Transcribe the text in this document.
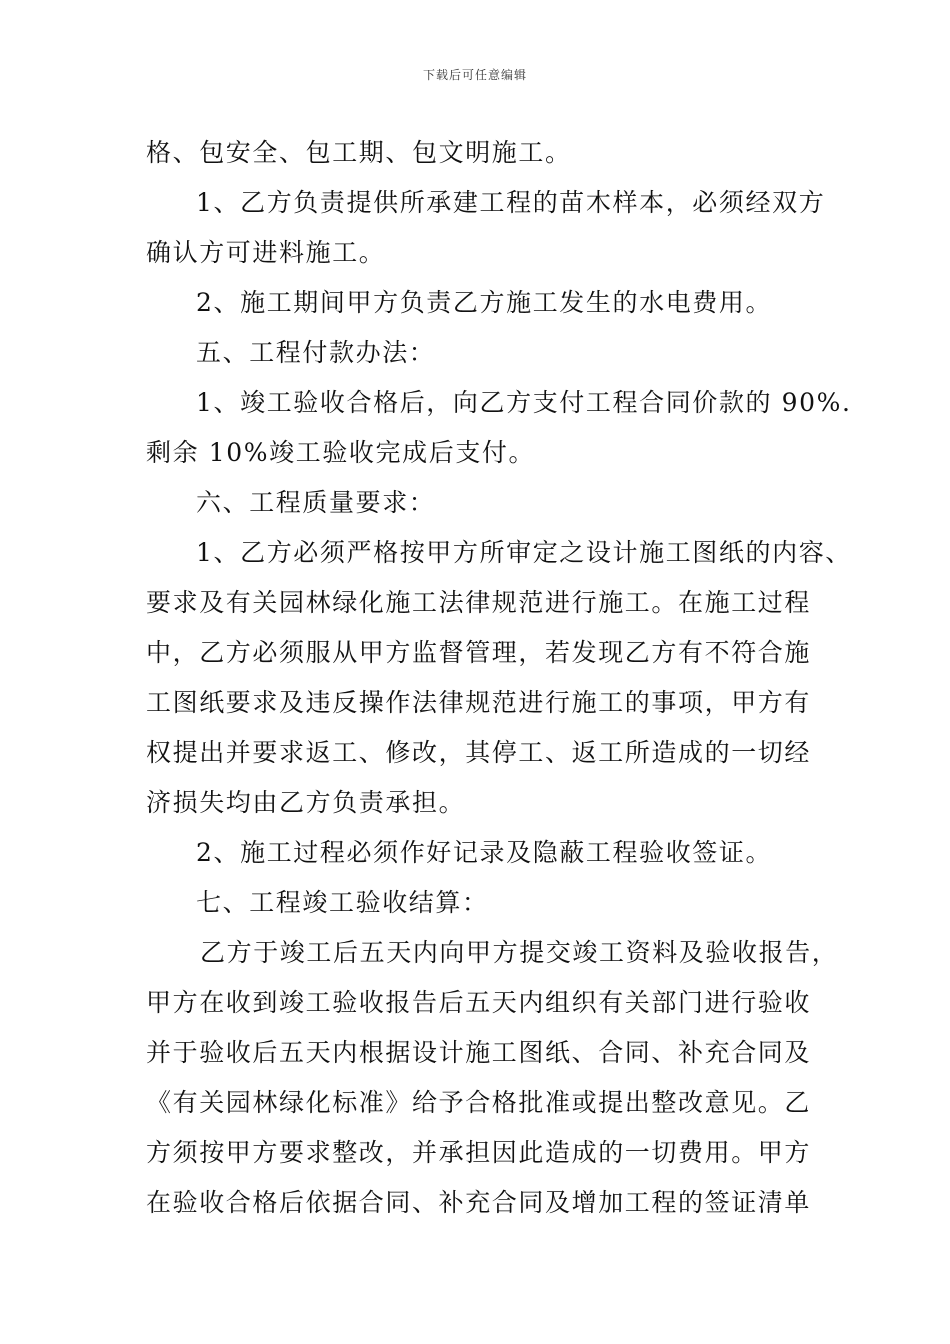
下载后可任意编辑
格、包安全、包工期、包文明施工。
1、乙方负责提供所承建工程的苗木样本，必须经双方
确认方可进料施工。
2、施工期间甲方负责乙方施工发生的水电费用。
五、工程付款办法：
1、竣工验收合格后，向乙方支付工程合同价款的 90%.
剩余 10%竣工验收完成后支付。
六、工程质量要求：
1、乙方必须严格按甲方所审定之设计施工图纸的内容、
要求及有关园林绿化施工法律规范进行施工。在施工过程
中，乙方必须服从甲方监督管理，若发现乙方有不符合施
工图纸要求及违反操作法律规范进行施工的事项，甲方有
权提出并要求返工、修改，其停工、返工所造成的一切经
济损失均由乙方负责承担。
2、施工过程必须作好记录及隐蔽工程验收签证。
七、工程竣工验收结算：
乙方于竣工后五天内向甲方提交竣工资料及验收报告，
甲方在收到竣工验收报告后五天内组织有关部门进行验收
并于验收后五天内根据设计施工图纸、合同、补充合同及
《有关园林绿化标准》给予合格批准或提出整改意见。乙
方须按甲方要求整改，并承担因此造成的一切费用。甲方
在验收合格后依据合同、补充合同及增加工程的签证清单
